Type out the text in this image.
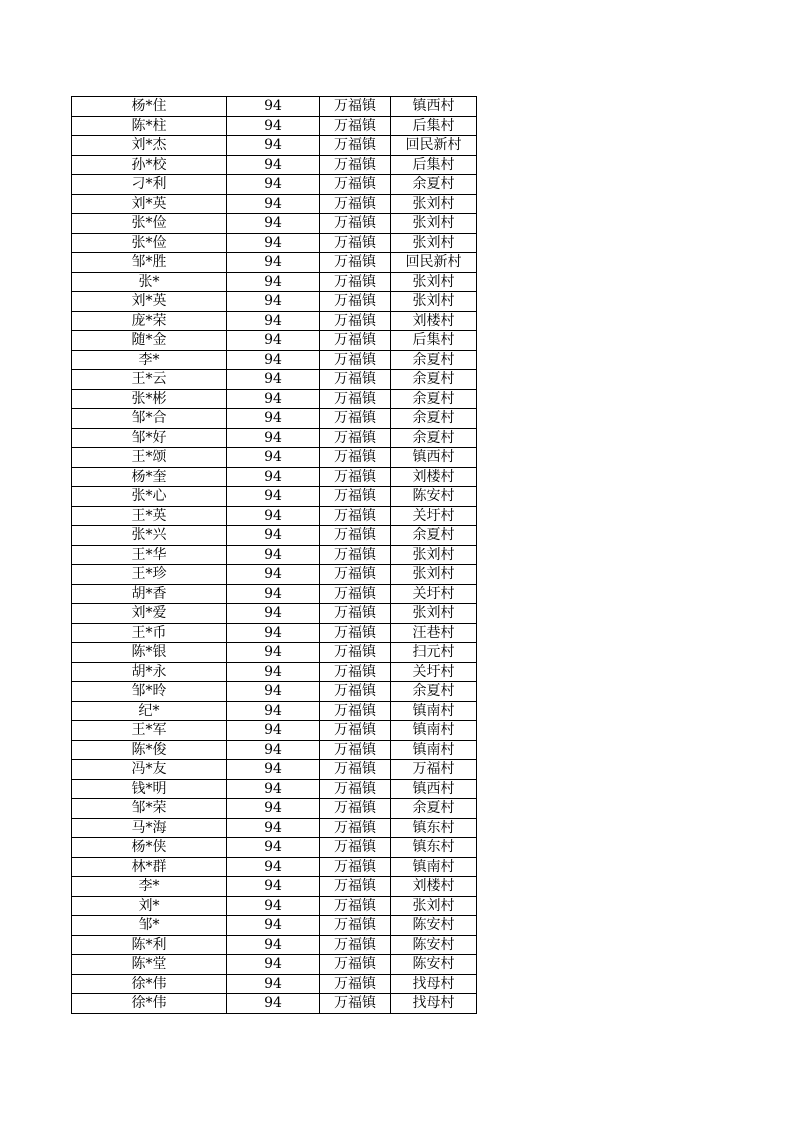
杨*住	94	万福镇	镇西村
陈*柱	94	万福镇	后集村
刘*杰	94	万福镇	回民新村
孙*校	94	万福镇	后集村
刁*利	94	万福镇	余夏村
刘*英	94	万福镇	张刘村
张*俭	94	万福镇	张刘村
张*俭	94	万福镇	张刘村
邹*胜	94	万福镇	回民新村
张*	94	万福镇	张刘村
刘*英	94	万福镇	张刘村
庞*荣	94	万福镇	刘楼村
随*金	94	万福镇	后集村
李*	94	万福镇	余夏村
王*云	94	万福镇	余夏村
张*彬	94	万福镇	余夏村
邹*合	94	万福镇	余夏村
邹*好	94	万福镇	余夏村
王*颂	94	万福镇	镇西村
杨*奎	94	万福镇	刘楼村
张*心	94	万福镇	陈安村
王*英	94	万福镇	关圩村
张*兴	94	万福镇	余夏村
王*华	94	万福镇	张刘村
王*珍	94	万福镇	张刘村
胡*香	94	万福镇	关圩村
刘*爱	94	万福镇	张刘村
王*币	94	万福镇	汪巷村
陈*银	94	万福镇	扫元村
胡*永	94	万福镇	关圩村
邹*昤	94	万福镇	余夏村
纪*	94	万福镇	镇南村
王*军	94	万福镇	镇南村
陈*俊	94	万福镇	镇南村
冯*友	94	万福镇	万福村
钱*明	94	万福镇	镇西村
邹*荣	94	万福镇	余夏村
马*海	94	万福镇	镇东村
杨*侠	94	万福镇	镇东村
林*群	94	万福镇	镇南村
李*	94	万福镇	刘楼村
刘*	94	万福镇	张刘村
邹*	94	万福镇	陈安村
陈*利	94	万福镇	陈安村
陈*堂	94	万福镇	陈安村
徐*伟	94	万福镇	找母村
徐*伟	94	万福镇	找母村
